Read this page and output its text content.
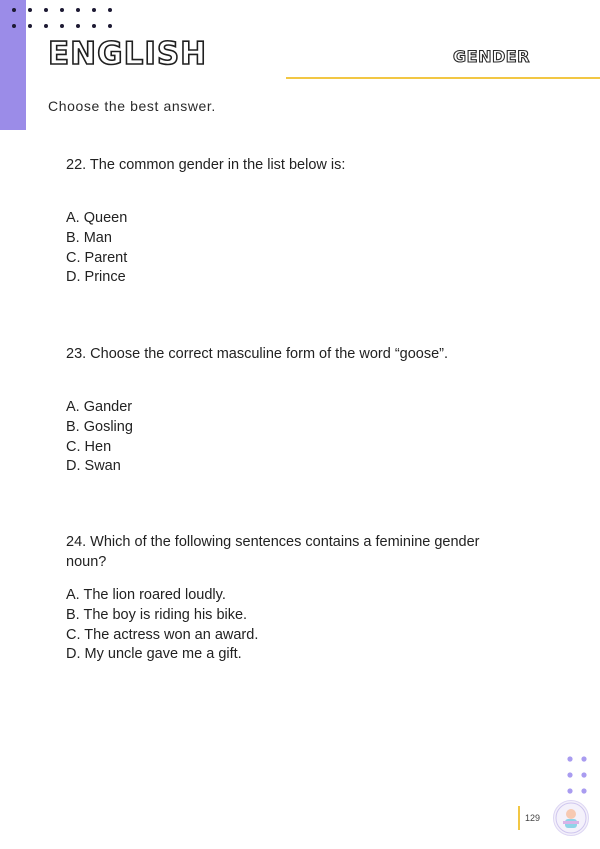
ENGLISH	GENDER
Choose the best answer.

22. The common gender in the list below is:

A. Queen
B. Man
C. Parent
D. Prince

23. Choose the correct masculine form of the word “goose”.

A. Gander
B. Gosling
C. Hen
D. Swan

24. Which of the following sentences contains a feminine gender noun?

A. The lion roared loudly.
B. The boy is riding his bike.
C. The actress won an award.
D. My uncle gave me a gift.
129
